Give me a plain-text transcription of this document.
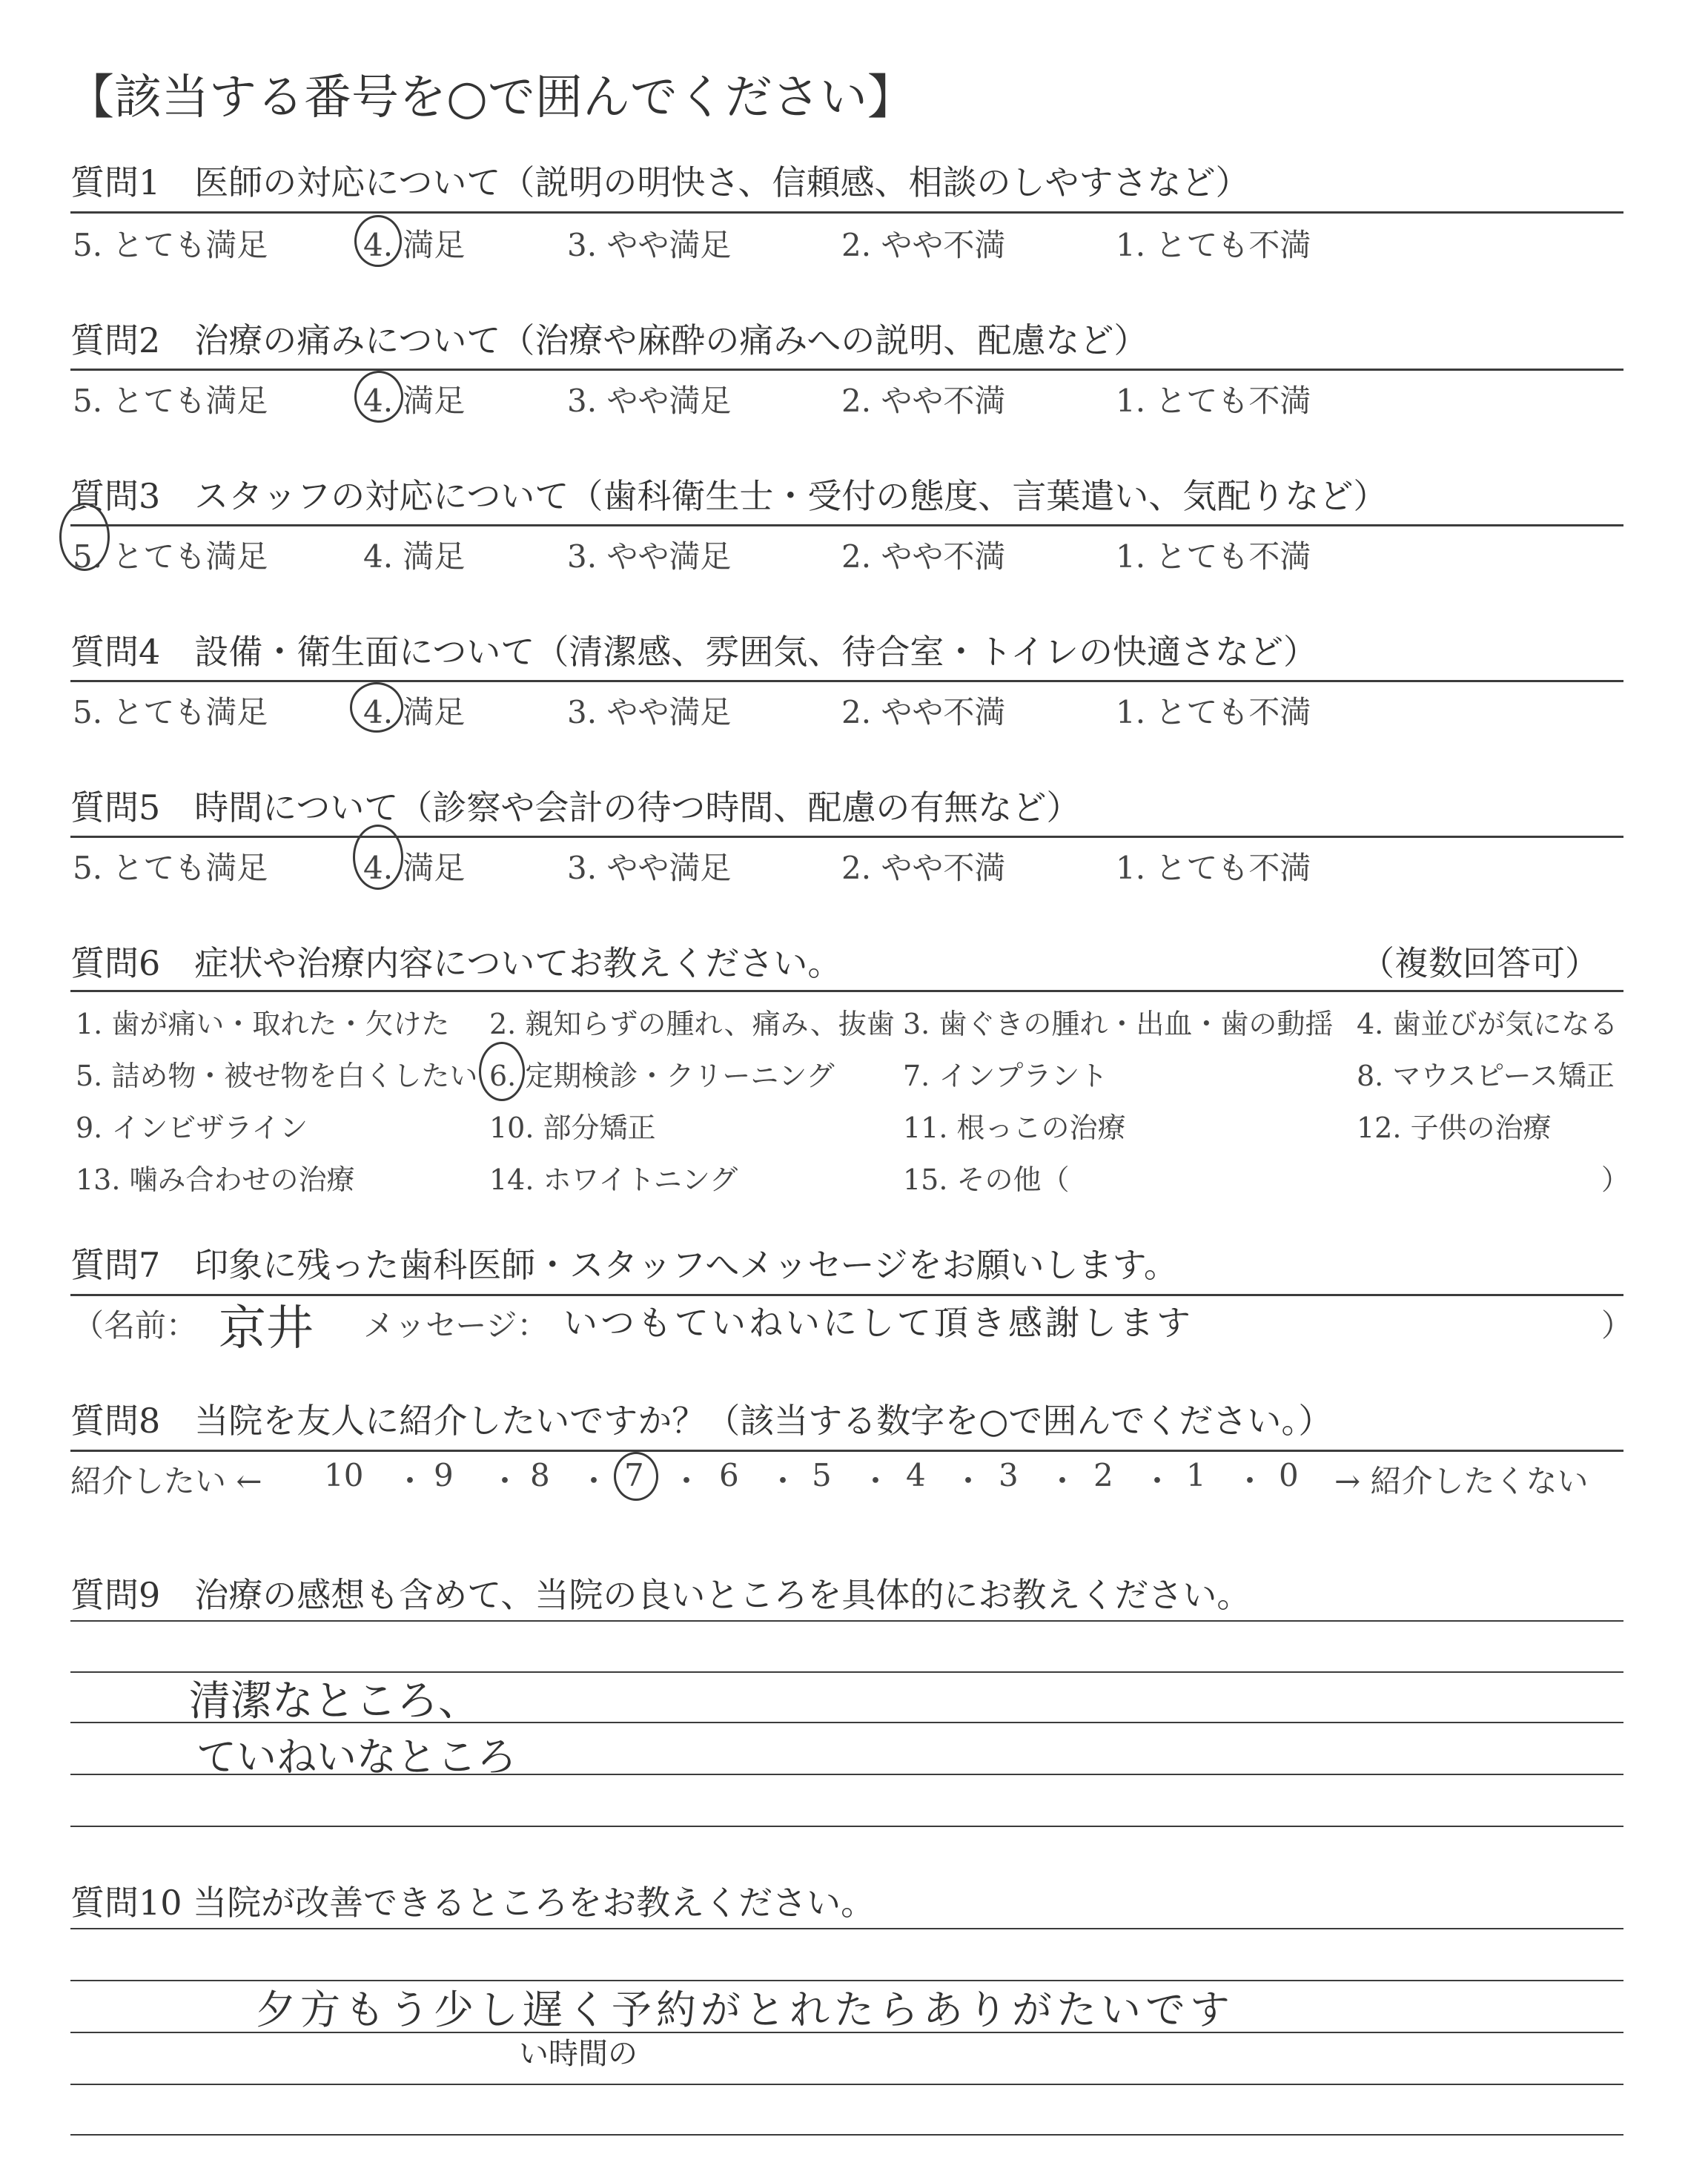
【該当する番号を○で囲んでください】
質問1　医師の対応について（説明の明快さ、信頼感、相談のしやすさなど）
5. とても満足	4. 満足	3. やや満足	2. やや不満	1. とても不満
質問2　治療の痛みについて（治療や麻酔の痛みへの説明、配慮など）
5. とても満足	4. 満足	3. やや満足	2. やや不満	1. とても不満
質問3　スタッフの対応について（歯科衛生士・受付の態度、言葉遣い、気配りなど）
5. とても満足	4. 満足	3. やや満足	2. やや不満	1. とても不満
質問4　設備・衛生面について（清潔感、雰囲気、待合室・トイレの快適さなど）
5. とても満足	4. 満足	3. やや満足	2. やや不満	1. とても不満
質問5　時間について（診察や会計の待つ時間、配慮の有無など）
5. とても満足	4. 満足	3. やや満足	2. やや不満	1. とても不満
質問6　症状や治療内容についてお教えください。	（複数回答可）
1. 歯が痛い・取れた・欠けた 2. 親知らずの腫れ、痛み、抜歯 3. 歯ぐきの腫れ・出血・歯の動揺 4. 歯並びが気になる
5. 詰め物・被せ物を白くしたい 6. 定期検診・クリーニング 7. インプラント	8. マウスピース矯正
9. インビザライン	10. 部分矯正	11. 根っこの治療	12. 子供の治療
13. 噛み合わせの治療	14. ホワイトニング	15. その他（	）
質問7　印象に残った歯科医師・スタッフへメッセージをお願いします。
（名前： 京井 メッセージ： いつもていねいにして頂き感謝します	）
質問8　当院を友人に紹介したいですか？（該当する数字を○で囲んでください。）
紹介したい ← 10 ・ 9 ・ 8 ・ 7 ・ 6 ・ 5 ・ 4 ・ 3 ・ 2 ・ 1 ・ 0 → 紹介したくない
質問9　治療の感想も含めて、当院の良いところを具体的にお教えください。
清潔なところ、
ていねいなところ
質問10 当院が改善できるところをお教えください。
夕方もう少し遅く予約がとれたらありがたいです
い時間の
